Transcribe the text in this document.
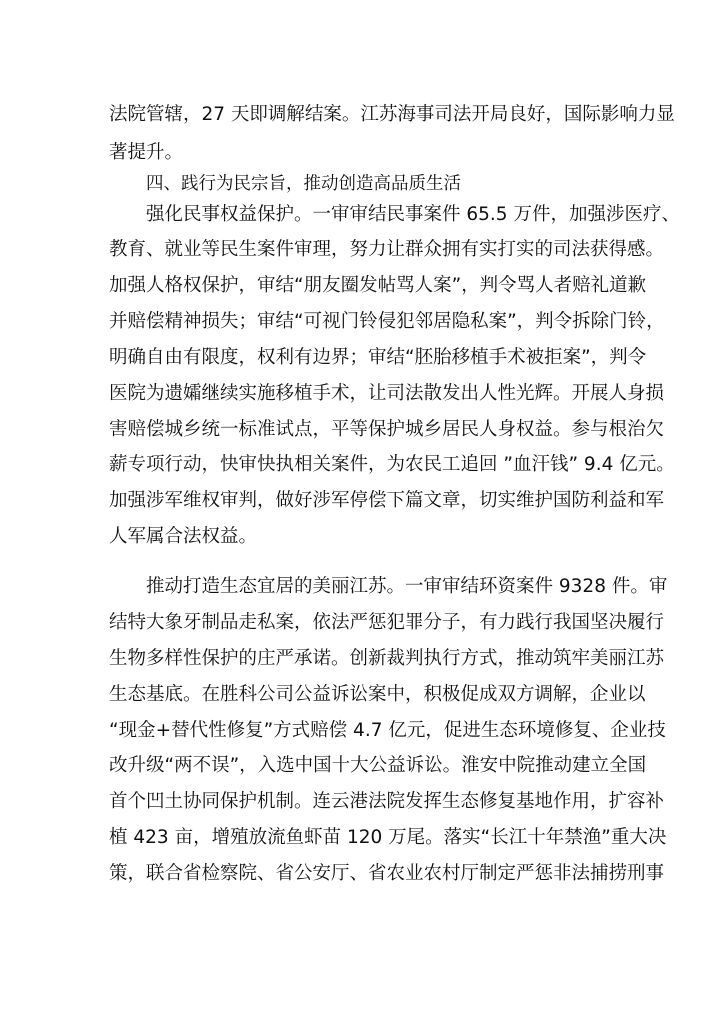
法院管辖，27 天即调解结案。江苏海事司法开局良好，国际影响力显
著提升。
四、践行为民宗旨，推动创造高品质生活
强化民事权益保护。一审审结民事案件 65.5 万件，加强涉医疗、
教育、就业等民生案件审理，努力让群众拥有实打实的司法获得感。
加强人格权保护，审结“朋友圈发帖骂人案”，判令骂人者赔礼道歉
并赔偿精神损失；审结“可视门铃侵犯邻居隐私案”，判令拆除门铃，
明确自由有限度，权利有边界；审结“胚胎移植手术被拒案”，判令
医院为遗孀继续实施移植手术，让司法散发出人性光辉。开展人身损
害赔偿城乡统一标准试点，平等保护城乡居民人身权益。参与根治欠
薪专项行动，快审快执相关案件，为农民工追回 ”血汗钱” 9.4 亿元。
加强涉军维权审判，做好涉军停偿下篇文章，切实维护国防利益和军
人军属合法权益。
推动打造生态宜居的美丽江苏。一审审结环资案件 9328 件。审
结特大象牙制品走私案，依法严惩犯罪分子，有力践行我国坚决履行
生物多样性保护的庄严承诺。创新裁判执行方式，推动筑牢美丽江苏
生态基底。在胜科公司公益诉讼案中，积极促成双方调解，企业以
“现金+替代性修复”方式赔偿 4.7 亿元，促进生态环境修复、企业技
改升级“两不误”，入选中国十大公益诉讼。淮安中院推动建立全国
首个凹土协同保护机制。连云港法院发挥生态修复基地作用，扩容补
植 423 亩，增殖放流鱼虾苗 120 万尾。落实“长江十年禁渔”重大决
策，联合省检察院、省公安厅、省农业农村厅制定严惩非法捕捞刑事
